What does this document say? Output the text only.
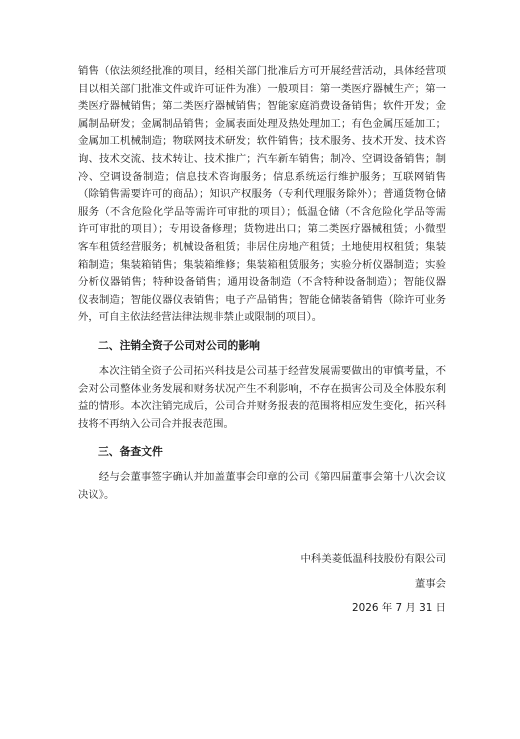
销售（依法须经批准的项目，经相关部门批准后方可开展经营活动，具体经营项目以相关部门批准文件或许可证件为准）一般项目：第一类医疗器械生产；第一类医疗器械销售；第二类医疗器械销售；智能家庭消费设备销售；软件开发；金属制品研发；金属制品销售；金属表面处理及热处理加工；有色金属压延加工；金属加工机械制造；物联网技术研发；软件销售；技术服务、技术开发、技术咨询、技术交流、技术转让、技术推广；汽车新车销售；制冷、空调设备销售；制冷、空调设备制造；信息技术咨询服务；信息系统运行维护服务；互联网销售（除销售需要许可的商品）；知识产权服务（专利代理服务除外）；普通货物仓储服务（不含危险化学品等需许可审批的项目）；低温仓储（不含危险化学品等需许可审批的项目）；专用设备修理；货物进出口；第二类医疗器械租赁；小微型客车租赁经营服务；机械设备租赁；非居住房地产租赁；土地使用权租赁；集装箱制造；集装箱销售；集装箱维修；集装箱租赁服务；实验分析仪器制造；实验分析仪器销售；特种设备销售；通用设备制造（不含特种设备制造）；智能仪器仪表制造；智能仪器仪表销售；电子产品销售；智能仓储装备销售（除许可业务外，可自主依法经营法律法规非禁止或限制的项目）。

二、注销全资子公司对公司的影响

本次注销全资子公司拓兴科技是公司基于经营发展需要做出的审慎考量，不会对公司整体业务发展和财务状况产生不利影响，不存在损害公司及全体股东利益的情形。本次注销完成后，公司合并财务报表的范围将相应发生变化，拓兴科技将不再纳入公司合并报表范围。

三、备查文件

经与会董事签字确认并加盖董事会印章的公司《第四届董事会第十八次会议决议》。

中科美菱低温科技股份有限公司

董事会

2026 年 7 月 31 日
